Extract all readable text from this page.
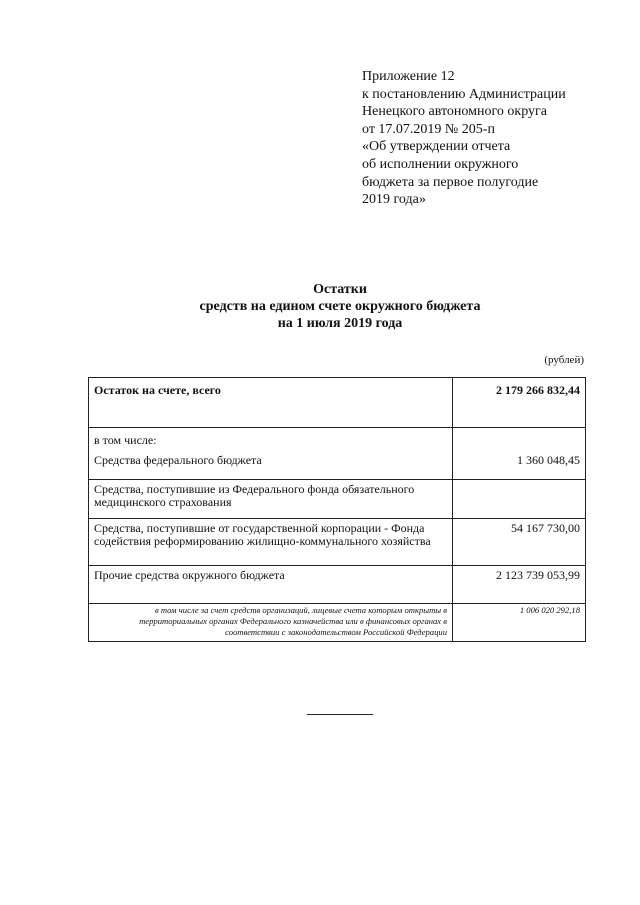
Приложение 12
к постановлению Администрации
Ненецкого автономного округа
от 17.07.2019 № 205-п
«Об утверждении отчета
об исполнении окружного
бюджета за первое полугодие
2019 года»
Остатки
средств на едином счете окружного бюджета
на 1 июля 2019 года
(рублей)
Остаток на счете, всего	2 179 266 832,44
в том числе:	
Средства федерального бюджета	1 360 048,45
Средства, поступившие из Федерального фонда обязательного медицинского страхования	
Средства, поступившие от государственной корпорации - Фонда содействия реформированию жилищно-коммунального хозяйства	54 167 730,00
Прочие средства окружного бюджета	2 123 739 053,99
в том числе за счет средств организаций, лицевые счета которым открыты в территориальных органах Федерального казначейства или в финансовых органах в соответствии с законодательством Российской Федерации	1 006 020 292,18
